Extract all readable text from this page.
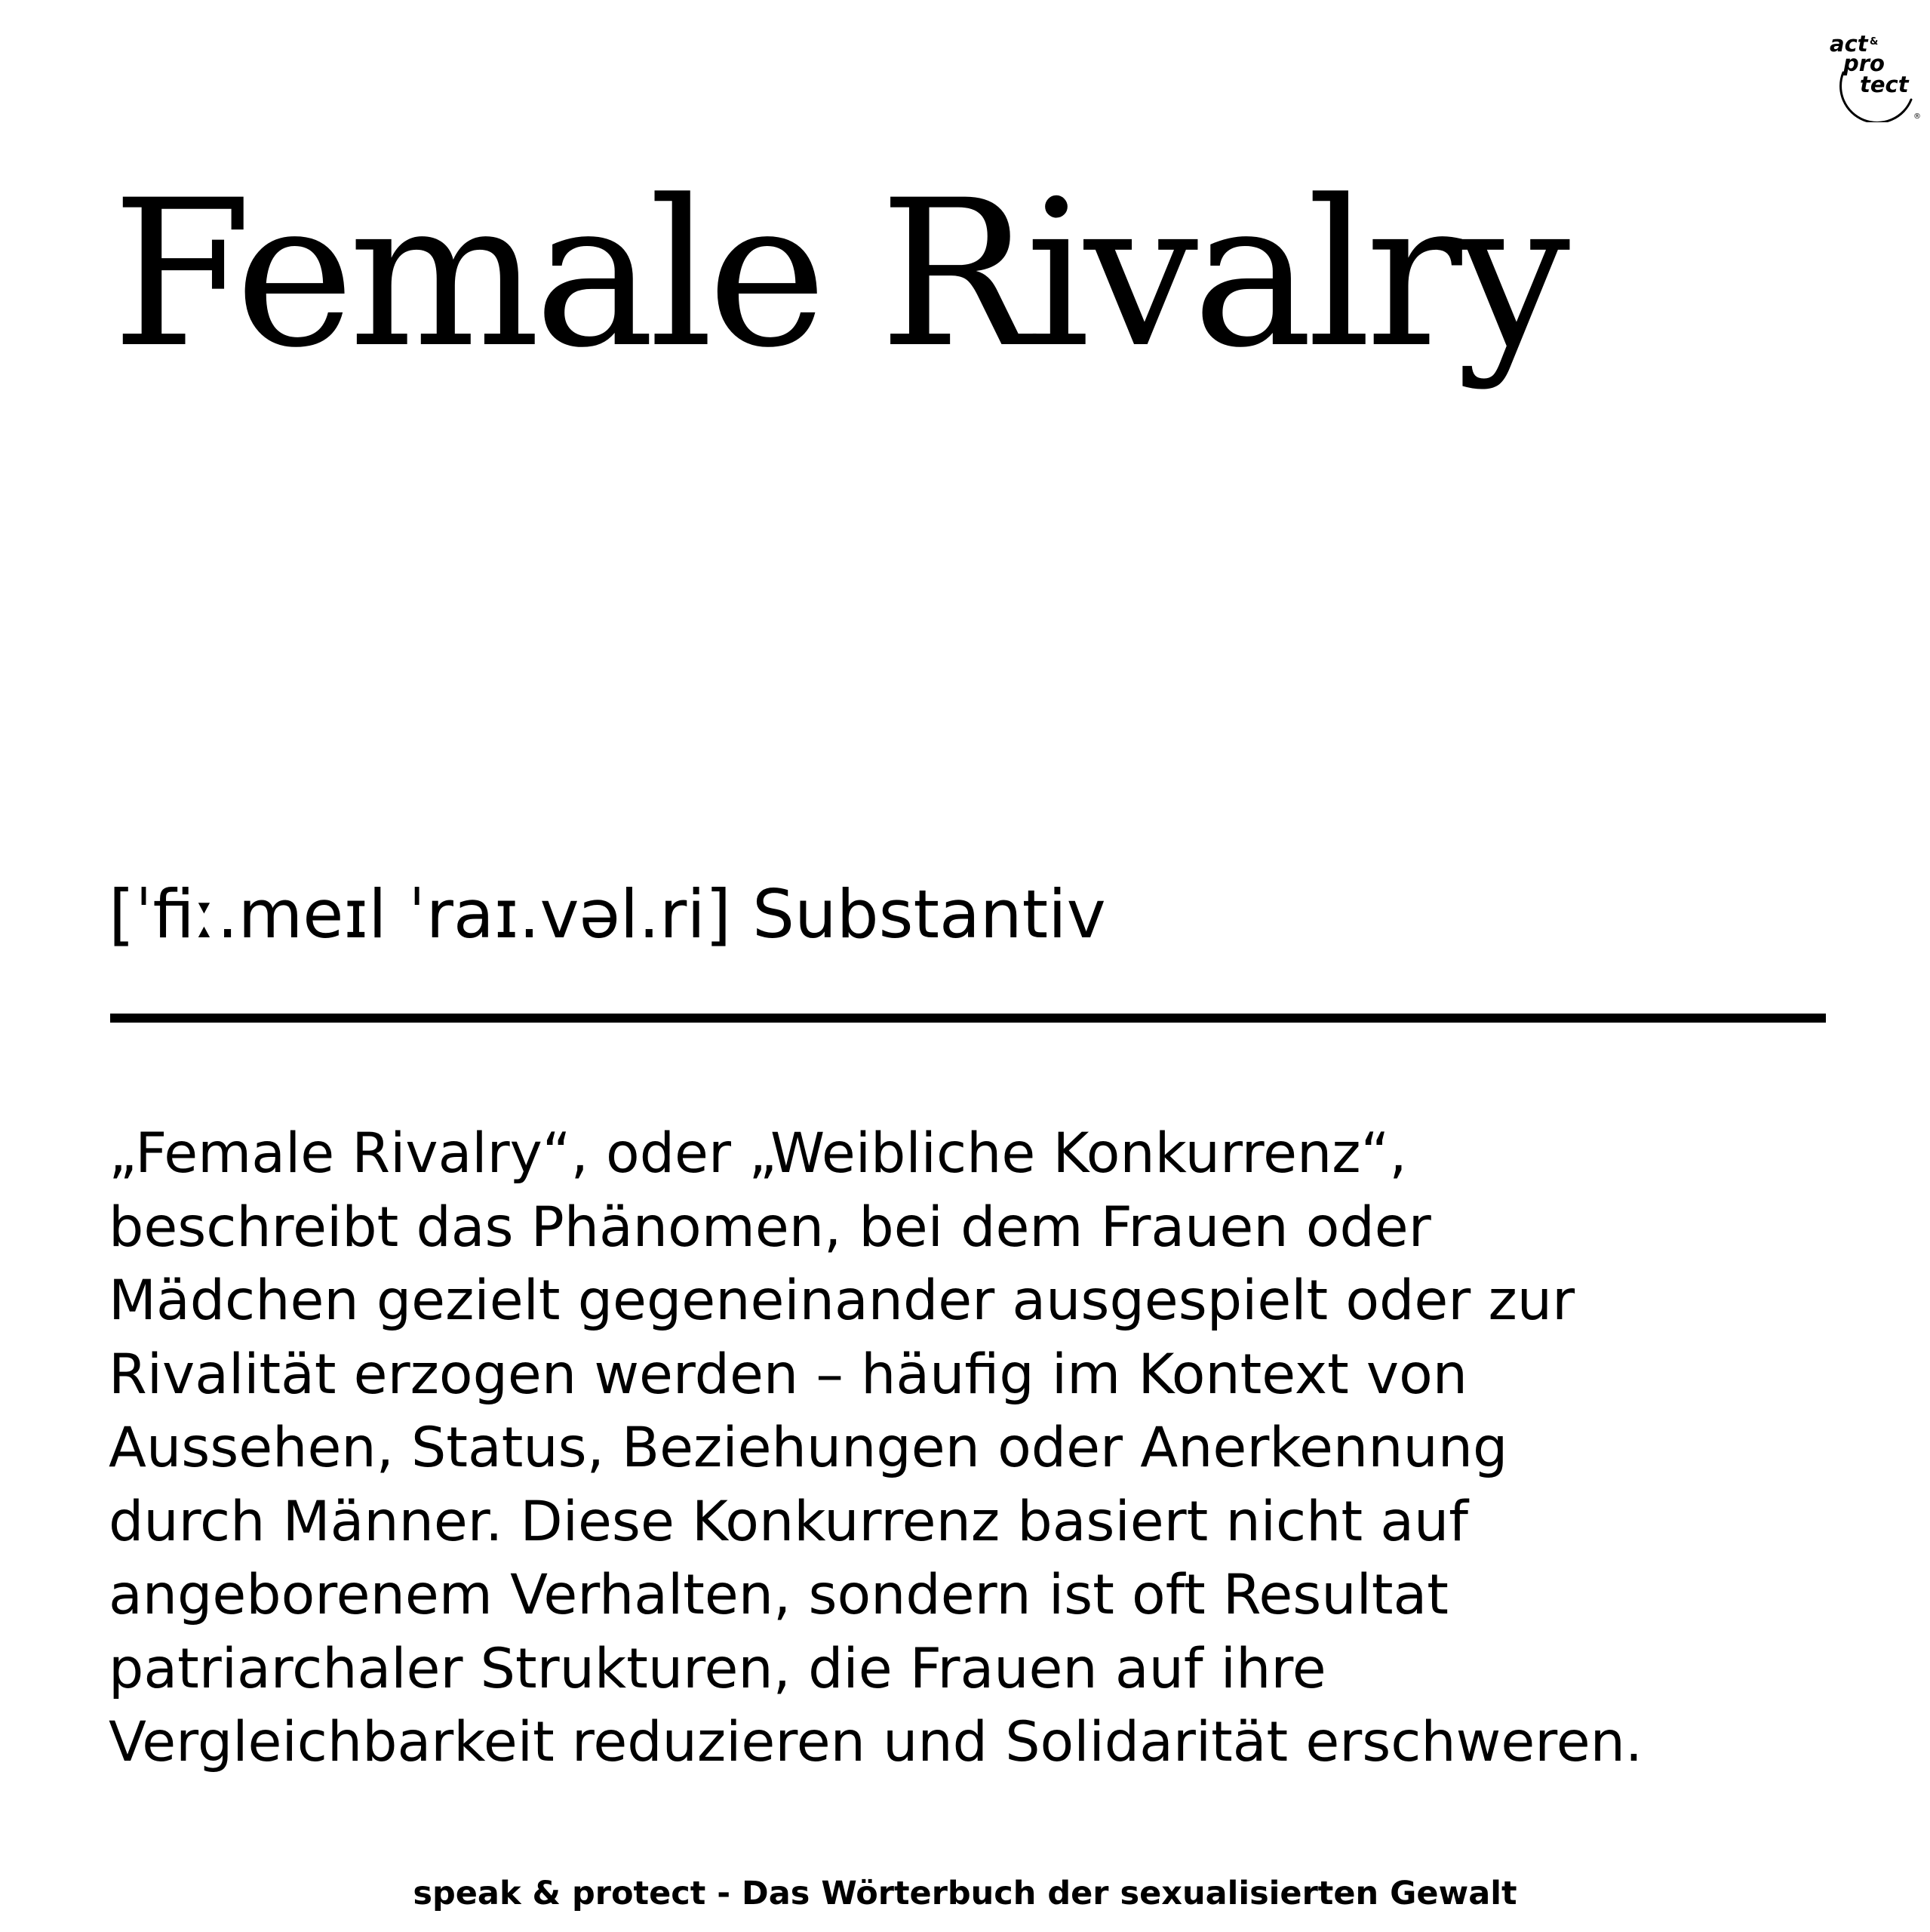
act &
pro
tect
®
Female Rivalry
[ˈfiː.meɪl ˈraɪ.vəl.ri] Substantiv

„Female Rivalry“, oder „Weibliche Konkurrenz“,
beschreibt das Phänomen, bei dem Frauen oder
Mädchen gezielt gegeneinander ausgespielt oder zur
Rivalität erzogen werden – häufig im Kontext von
Aussehen, Status, Beziehungen oder Anerkennung
durch Männer. Diese Konkurrenz basiert nicht auf
angeborenem Verhalten, sondern ist oft Resultat
patriarchaler Strukturen, die Frauen auf ihre
Vergleichbarkeit reduzieren und Solidarität erschweren.

speak & protect - Das Wörterbuch der sexualisierten Gewalt
